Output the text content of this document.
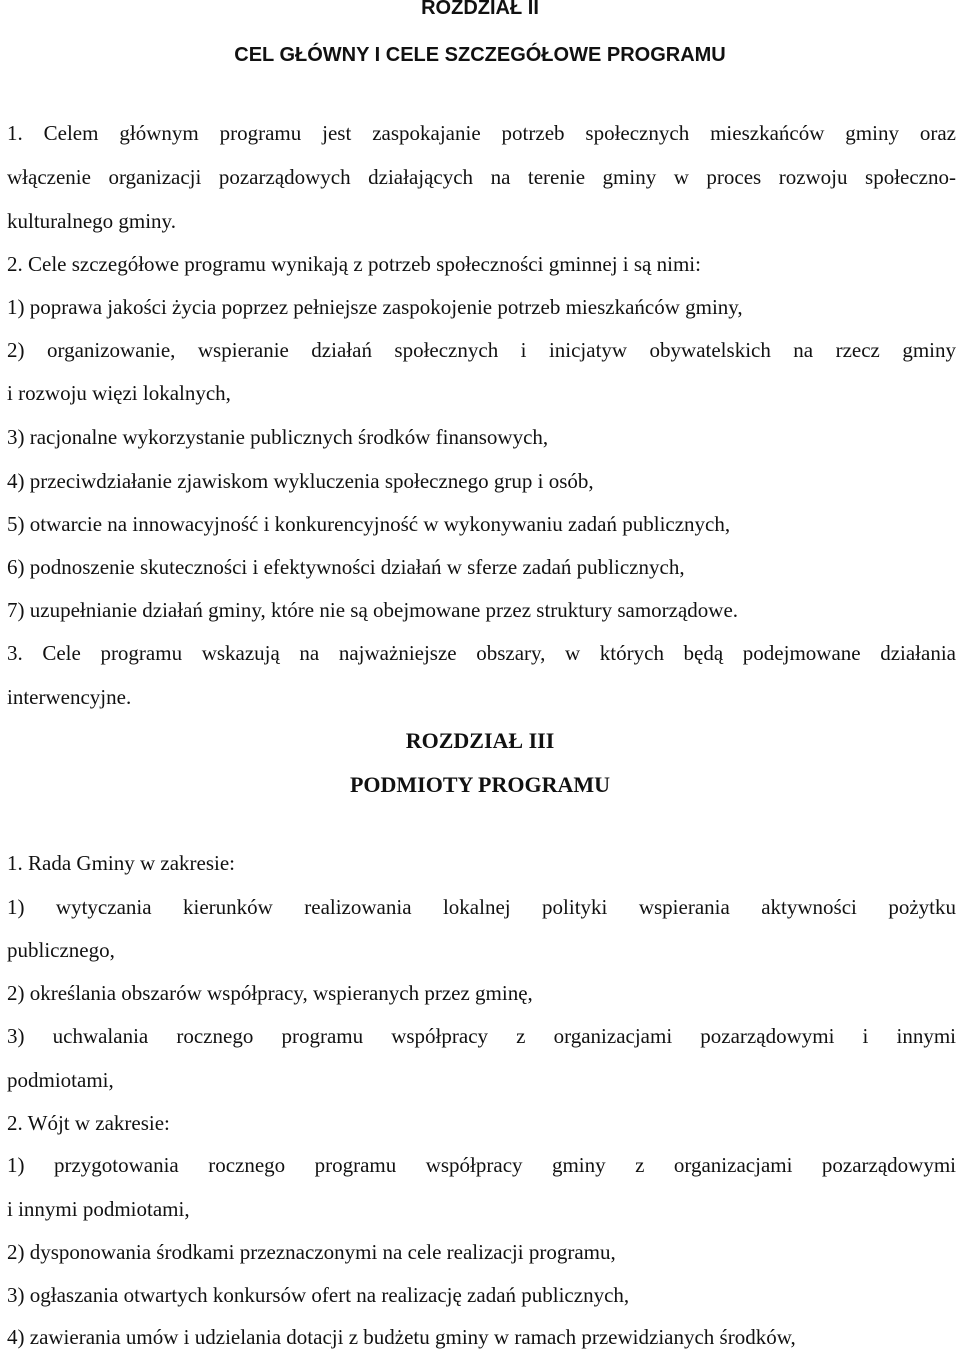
ROZDZIAŁ II
CEL GŁÓWNY I CELE SZCZEGÓŁOWE PROGRAMU
1. Celem głównym programu jest zaspokajanie potrzeb społecznych mieszkańców gminy oraz
włączenie organizacji pozarządowych działających na terenie gminy w proces rozwoju społeczno-
kulturalnego gminy.
2. Cele szczegółowe programu wynikają z potrzeb społeczności gminnej i są nimi:
1) poprawa jakości życia poprzez pełniejsze zaspokojenie potrzeb mieszkańców gminy,
2) organizowanie, wspieranie działań społecznych i inicjatyw obywatelskich na rzecz gminy
i rozwoju więzi lokalnych,
3) racjonalne wykorzystanie publicznych środków finansowych,
4) przeciwdziałanie zjawiskom wykluczenia społecznego grup i osób,
5) otwarcie na innowacyjność i konkurencyjność w wykonywaniu zadań publicznych,
6) podnoszenie skuteczności i efektywności działań w sferze zadań publicznych,
7) uzupełnianie działań gminy, które nie są obejmowane przez struktury samorządowe.
3. Cele programu wskazują na najważniejsze obszary, w których będą podejmowane działania
interwencyjne.
ROZDZIAŁ III
PODMIOTY PROGRAMU
1. Rada Gminy w zakresie:
1) wytyczania kierunków realizowania lokalnej polityki wspierania aktywności pożytku
publicznego,
2) określania obszarów współpracy, wspieranych przez gminę,
3) uchwalania rocznego programu współpracy z organizacjami pozarządowymi i innymi
podmiotami,
2. Wójt w zakresie:
1) przygotowania rocznego programu współpracy gminy z organizacjami pozarządowymi
i innymi podmiotami,
2) dysponowania środkami przeznaczonymi na cele realizacji programu,
3) ogłaszania otwartych konkursów ofert na realizację zadań publicznych,
4) zawierania umów i udzielania dotacji z budżetu gminy w ramach przewidzianych środków,
